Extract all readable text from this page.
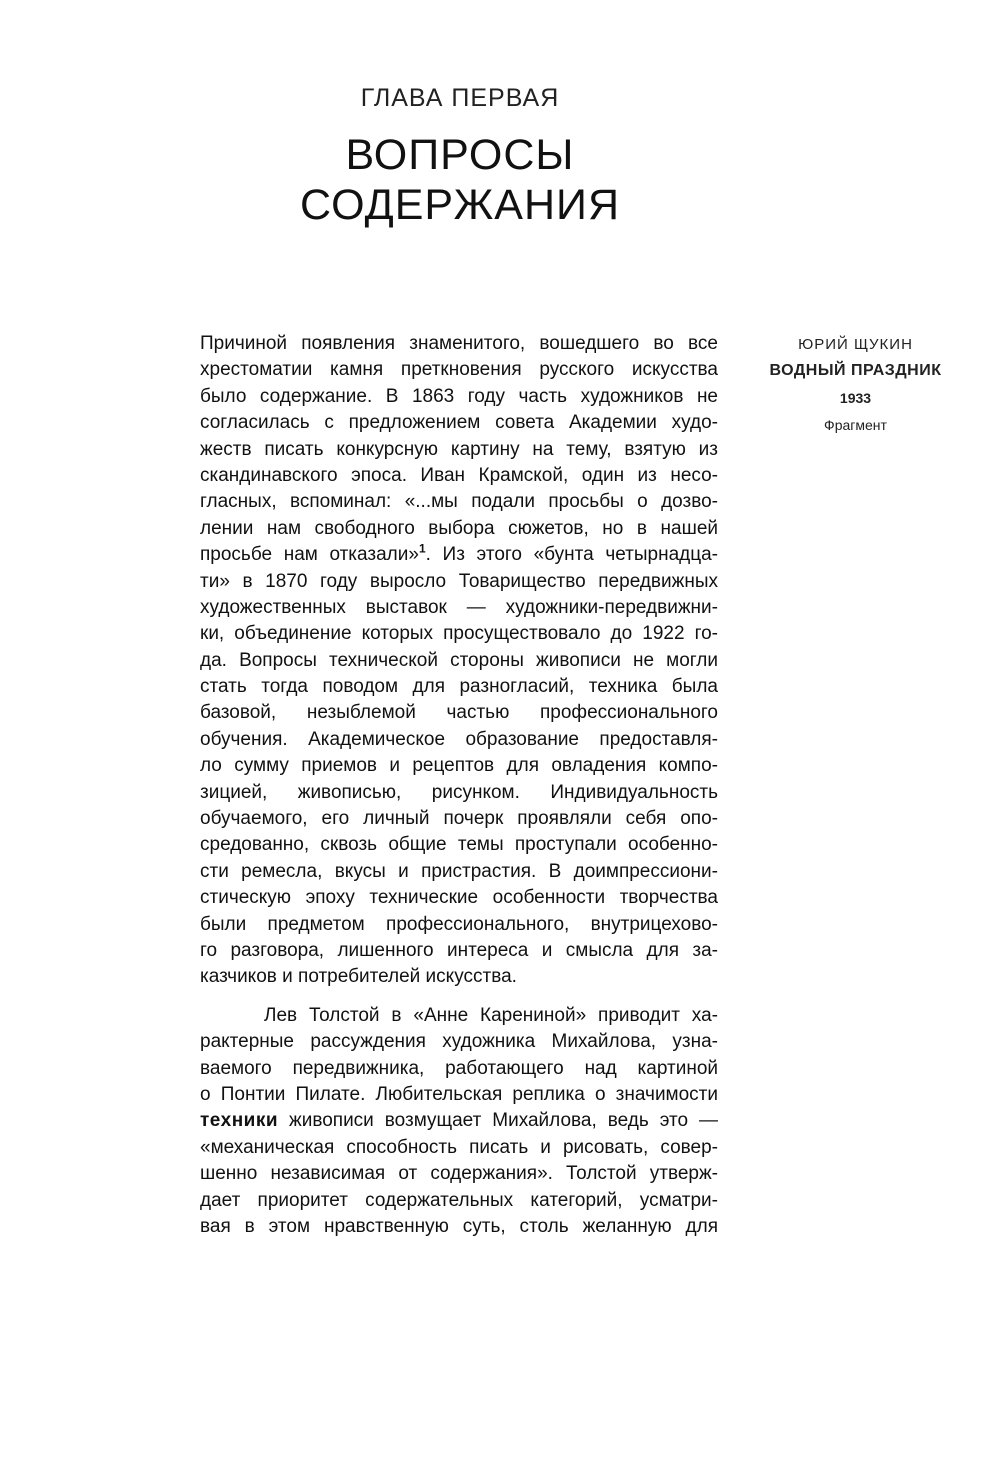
ГЛАВА ПЕРВАЯ
ВОПРОСЫ СОДЕРЖАНИЯ
ЮРИЙ ЩУКИН
ВОДНЫЙ ПРАЗДНИК
1933
Фрагмент
Причиной появления знаменитого, вошедшего во все
хрестоматии камня преткновения русского искусства
было содержание. В 1863 году часть художников не
согласилась с предложением совета Академии худо-
жеств писать конкурсную картину на тему, взятую из
скандинавского эпоса. Иван Крамской, один из несо-
гласных, вспоминал: «...мы подали просьбы о дозво-
лении нам свободного выбора сюжетов, но в нашей
просьбе нам отказали»$^1$. Из этого «бунта четырнадца-
ти» в 1870 году выросло Товарищество передвижных
художественных выставок — художники-передвижни-
ки, объединение которых просуществовало до 1922 го-
да. Вопросы технической стороны живописи не могли
стать тогда поводом для разногласий, техника была
базовой, незыблемой частью профессионального
обучения. Академическое образование предоставля-
ло сумму приемов и рецептов для овладения компо-
зицией, живописью, рисунком. Индивидуальность
обучаемого, его личный почерк проявляли себя опо-
средованно, сквозь общие темы проступали особенно-
сти ремесла, вкусы и пристрастия. В доимпрессиони-
стическую эпоху технические особенности творчества
были предметом профессионального, внутрицехово-
го разговора, лишенного интереса и смысла для за-
казчиков и потребителей искусства.
Лев Толстой в «Анне Карениной» приводит ха-
рактерные рассуждения художника Михайлова, узна-
ваемого передвижника, работающего над картиной
о Понтии Пилате. Любительская реплика о значимости
техники живописи возмущает Михайлова, ведь это —
«механическая способность писать и рисовать, совер-
шенно независимая от содержания». Толстой утверж-
дает приоритет содержательных категорий, усматри-
вая в этом нравственную суть, столь желанную для
